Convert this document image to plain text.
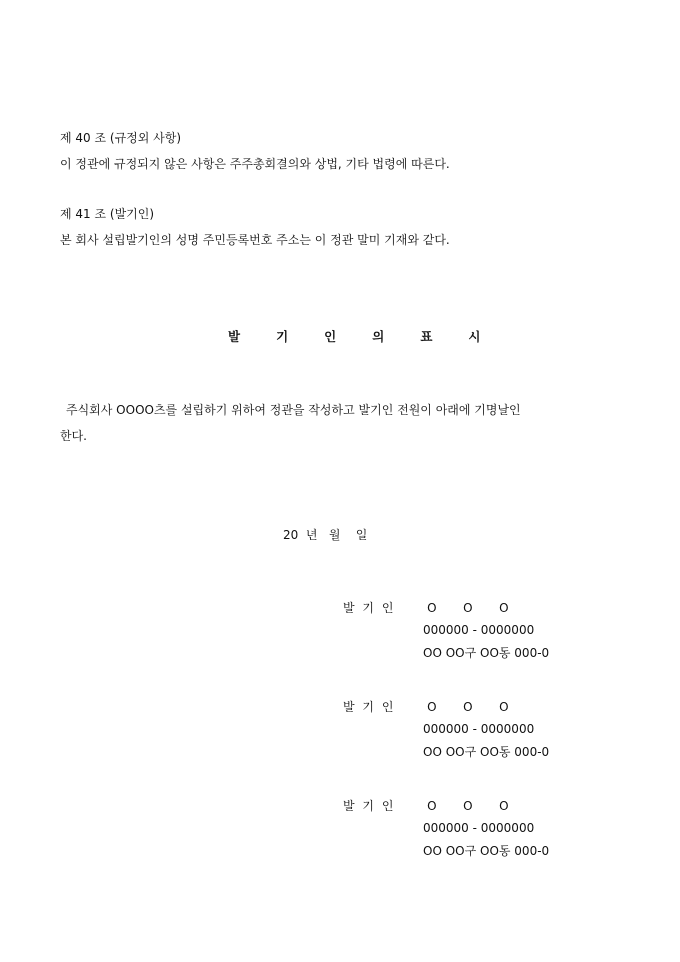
제 40 조 (규정외 사항)
이 정관에 규정되지 않은 사항은 주주총회결의와 상법, 기타 법령에 따른다.
제 41 조 (발기인)
본 회사 설립발기인의 성명 주민등록번호 주소는 이 정관 말미 기재와 같다.
발	기	인	의	표	시
주식회사 OOOO츠를 설립하기 위하여 정관을 작성하고 발기인 전원이 아래에 기명날인
한다.
20  년   월    일
발 기 인	O O O
000000 - 0000000
OO OO구 OO동 000-0
발 기 인	O O O
000000 - 0000000
OO OO구 OO동 000-0
발 기 인	O O O
000000 - 0000000
OO OO구 OO동 000-0
